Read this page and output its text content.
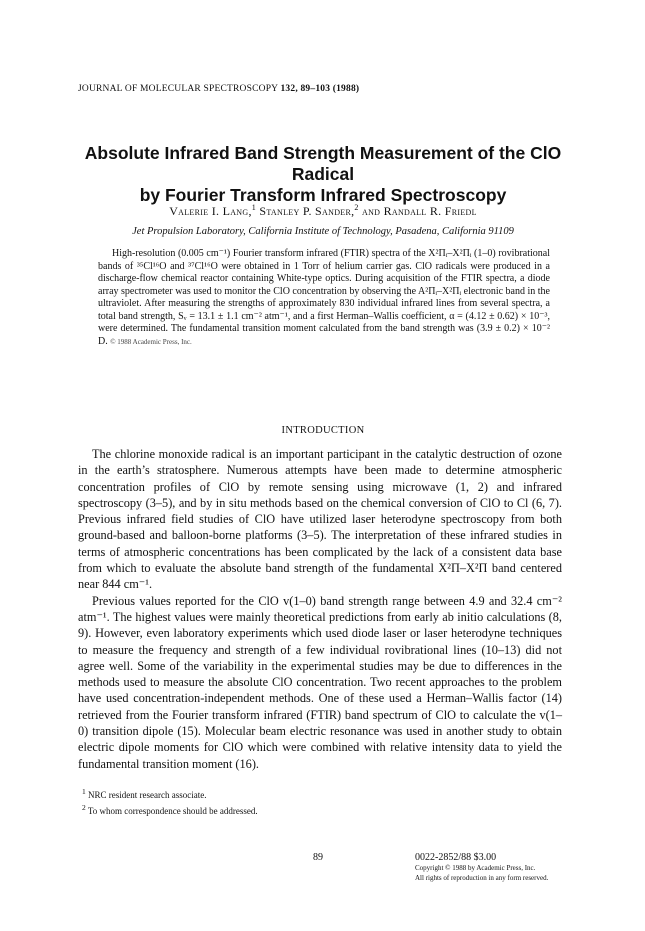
JOURNAL OF MOLECULAR SPECTROSCOPY 132, 89–103 (1988)
Absolute Infrared Band Strength Measurement of the ClO Radical
by Fourier Transform Infrared Spectroscopy
Valerie I. Lang,$^1$ Stanley P. Sander,$^2$ and Randall R. Friedl
Jet Propulsion Laboratory, California Institute of Technology, Pasadena, California 91109
High-resolution (0.005 cm⁻¹) Fourier transform infrared (FTIR) spectra of the X²Πᵢ–X²Πᵢ (1–0) rovibrational bands of ³⁵Cl¹⁶O and ³⁷Cl¹⁶O were obtained in 1 Torr of helium carrier gas. ClO radicals were produced in a discharge-flow chemical reactor containing White-type optics. During acquisition of the FTIR spectra, a diode array spectrometer was used to monitor the ClO concentration by observing the A²Πᵢ–X²Πᵢ electronic band in the ultraviolet. After measuring the strengths of approximately 830 individual infrared lines from several spectra, a total band strength, Sᵥ = 13.1 ± 1.1 cm⁻² atm⁻¹, and a first Herman–Wallis coefficient, α = (4.12 ± 0.62) × 10⁻³, were determined. The fundamental transition moment calculated from the band strength was (3.9 ± 0.2) × 10⁻² D. © 1988 Academic Press, Inc.
INTRODUCTION

The chlorine monoxide radical is an important participant in the catalytic destruction of ozone in the earth’s stratosphere. Numerous attempts have been made to determine atmospheric concentration profiles of ClO by remote sensing using microwave (1, 2) and infrared spectroscopy (3–5), and by in situ methods based on the chemical conversion of ClO to Cl (6, 7). Previous infrared field studies of ClO have utilized laser heterodyne spectroscopy from both ground-based and balloon-borne platforms (3–5). The interpretation of these infrared studies in terms of atmospheric concentrations has been complicated by the lack of a consistent data base from which to evaluate the absolute band strength of the fundamental X²Π–X²Π band centered near 844 cm⁻¹.

Previous values reported for the ClO v(1–0) band strength range between 4.9 and 32.4 cm⁻² atm⁻¹. The highest values were mainly theoretical predictions from early ab initio calculations (8, 9). However, even laboratory experiments which used diode laser or laser heterodyne techniques to measure the frequency and strength of a few individual rovibrational lines (10–13) did not agree well. Some of the variability in the experimental studies may be due to differences in the methods used to measure the absolute ClO concentration. Two recent approaches to the problem have used concentration-independent methods. One of these used a Herman–Wallis factor (14) retrieved from the Fourier transform infrared (FTIR) band spectrum of ClO to calculate the v(1–0) transition dipole (15). Molecular beam electric resonance was used in another study to obtain electric dipole moments for ClO which were combined with relative intensity data to yield the fundamental transition moment (16).

$^1$ NRC resident research associate.
$^2$ To whom correspondence should be addressed.
89	0022-2852/88 $3.00
Copyright © 1988 by Academic Press, Inc.
All rights of reproduction in any form reserved.
